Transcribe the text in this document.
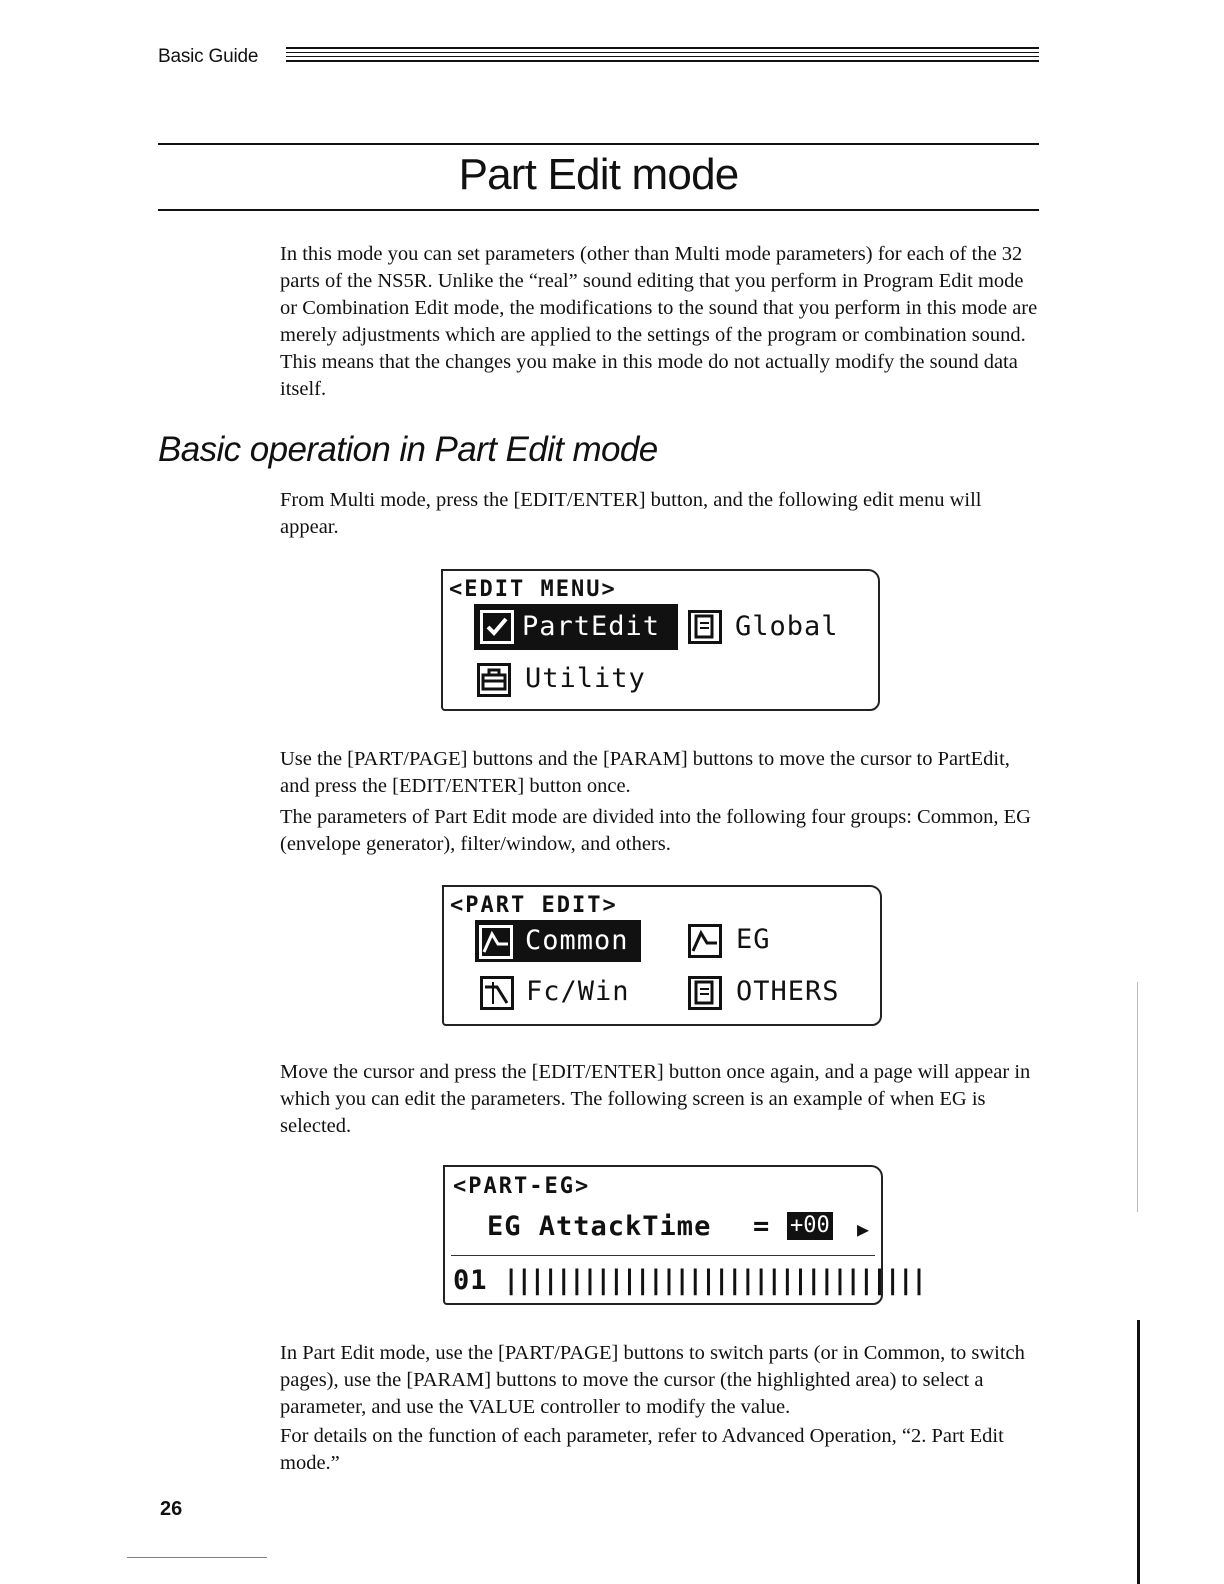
Basic Guide
Part Edit mode

In this mode you can set parameters (other than Multi mode parameters) for each of the 32 parts of the NS5R. Unlike the “real” sound editing that you perform in Program Edit mode or Combination Edit mode, the modifications to the sound that you perform in this mode are merely adjustments which are applied to the settings of the program or combination sound. This means that the changes you make in this mode do not actually modify the sound data itself.

Basic operation in Part Edit mode

From Multi mode, press the [EDIT/ENTER] button, and the following edit menu will appear.

<EDIT MENU>
PartEdit	Global
Utility

Use the [PART/PAGE] buttons and the [PARAM] buttons to move the cursor to PartEdit, and press the [EDIT/ENTER] button once.

The parameters of Part Edit mode are divided into the following four groups: Common, EG (envelope generator), filter/window, and others.

<PART EDIT>
Common	EG
Fc/Win	OTHERS

Move the cursor and press the [EDIT/ENTER] button once again, and a page will appear in which you can edit the parameters. The following screen is an example of when EG is selected.

<PART-EG>
EG AttackTime = +00 ▶
01 ||||||||||||||||||||||||||||||||

In Part Edit mode, use the [PART/PAGE] buttons to switch parts (or in Common, to switch pages), use the [PARAM] buttons to move the cursor (the highlighted area) to select a parameter, and use the VALUE controller to modify the value.

For details on the function of each parameter, refer to Advanced Operation, “2. Part Edit mode.”

26
